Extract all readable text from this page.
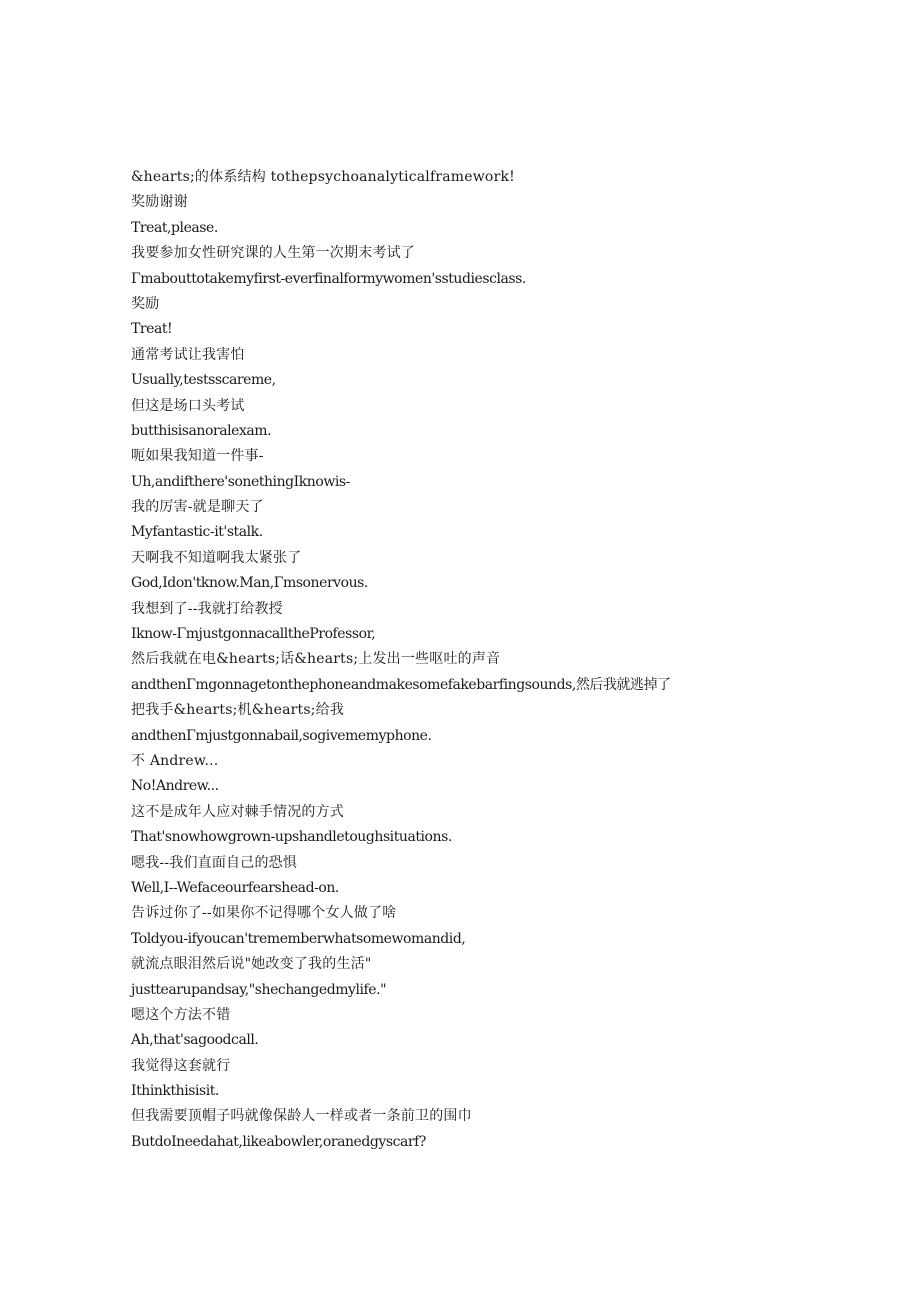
&hearts;的体系结构 tothepsychoanalyticalframework!
奖励谢谢
Treat,please.
我要参加女性研究课的人生第一次期末考试了
Γmabouttotakemyfirst-everfinalformywomen'sstudiesclass.
奖励
Treat!
通常考试让我害怕
Usually,testsscareme,
但这是场口头考试
butthisisanoralexam.
呃如果我知道一件事-
Uh,andifthere'sonethingIknowis-
我的厉害-就是聊天了
Myfantastic-it'stalk.
天啊我不知道啊我太紧张了
God,Idon'tknow.Man,Γmsonervous.
我想到了--我就打给教授
Iknow-ΓmjustgonnacalltheProfessor,
然后我就在电&hearts;话&hearts;上发出一些呕吐的声音
andthenΓmgonnagetonthephoneandmakesomefakebarfingsounds,然后我就逃掉了
把我手&hearts;机&hearts;给我
andthenΓmjustgonnabail,sogivememyphone.
不 Andrew...
No!Andrew...
这不是成年人应对棘手情况的方式
That'snowhowgrown-upshandletoughsituations.
嗯我--我们直面自己的恐惧
Well,I--Wefaceourfearshead-on.
告诉过你了--如果你不记得哪个女人做了啥
Toldyou-ifyoucan'trememberwhatsomewomandid,
就流点眼泪然后说"她改变了我的生活"
justtearupandsay,"shechangedmylife."
嗯这个方法不错
Ah,that'sagoodcall.
我觉得这套就行
Ithinkthisisit.
但我需要顶帽子吗就像保龄人一样或者一条前卫的围巾
ButdoIneedahat,likeabowler,oranedgyscarf?
